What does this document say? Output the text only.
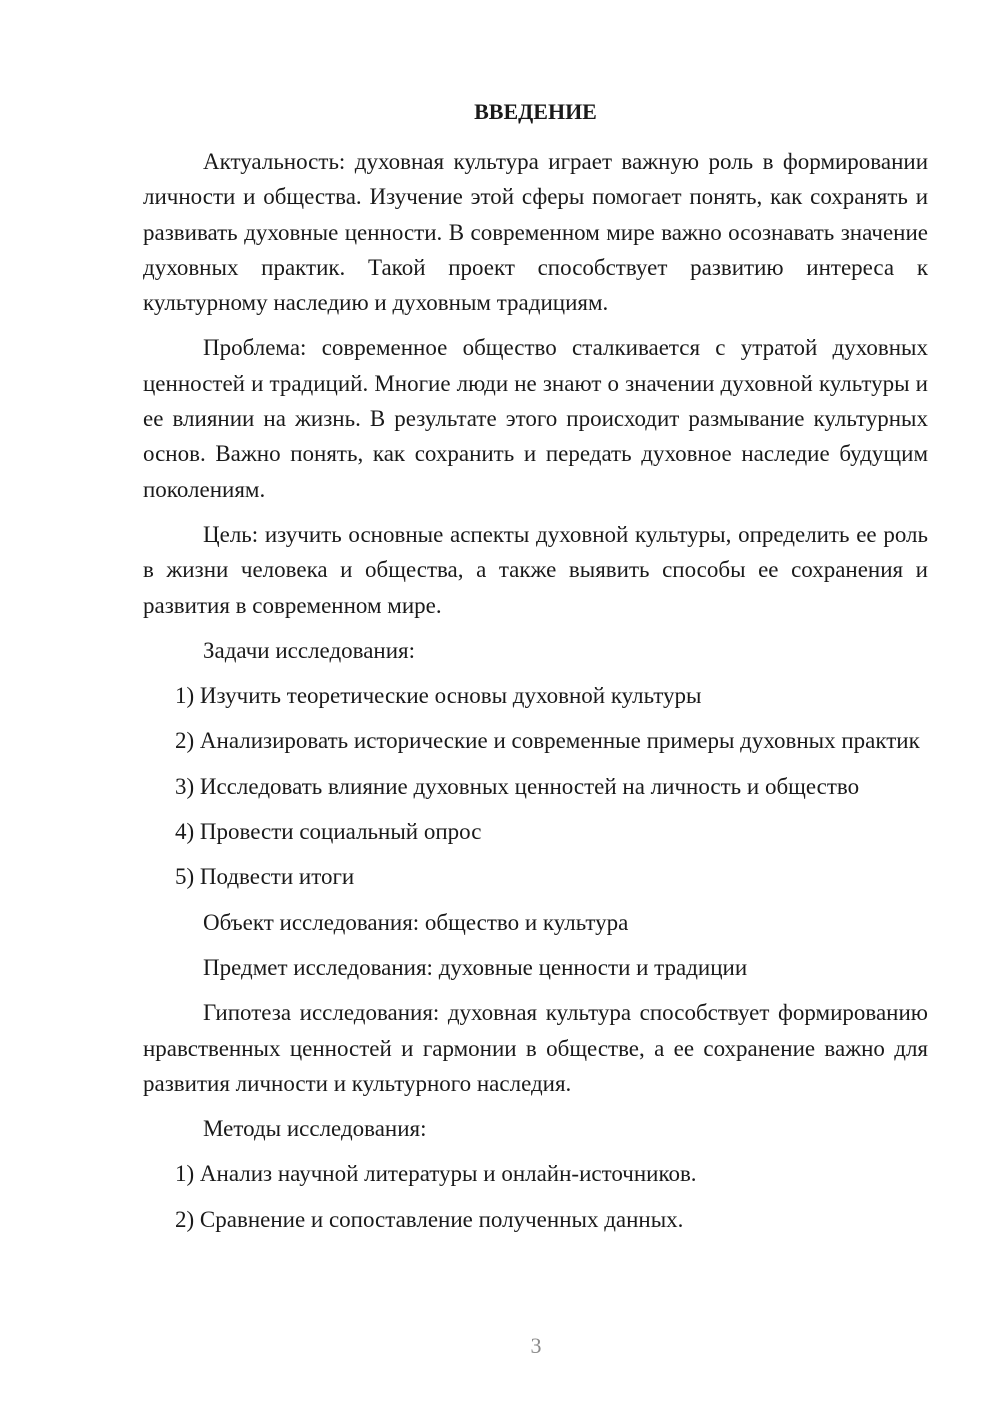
ВВЕДЕНИЕ

Актуальность: духовная культура играет важную роль в формировании личности и общества. Изучение этой сферы помогает понять, как сохранять и развивать духовные ценности. В современном мире важно осознавать значение духовных практик. Такой проект способствует развитию интереса к культурному наследию и духовным традициям.

Проблема: современное общество сталкивается с утратой духовных ценностей и традиций. Многие люди не знают о значении духовной культуры и ее влиянии на жизнь. В результате этого происходит размывание культурных основ. Важно понять, как сохранить и передать духовное наследие будущим поколениям.

Цель: изучить основные аспекты духовной культуры, определить ее роль в жизни человека и общества, а также выявить способы ее сохранения и развития в современном мире.

Задачи исследования:

1) Изучить теоретические основы духовной культуры

2) Анализировать исторические и современные примеры духовных практик

3) Исследовать влияние духовных ценностей на личность и общество

4) Провести социальный опрос

5) Подвести итоги

Объект исследования: общество и культура

Предмет исследования: духовные ценности и традиции

Гипотеза исследования: духовная культура способствует формированию нравственных ценностей и гармонии в обществе, а ее сохранение важно для развития личности и культурного наследия.

Методы исследования:

1) Анализ научной литературы и онлайн-источников.

2) Сравнение и сопоставление полученных данных.

3
